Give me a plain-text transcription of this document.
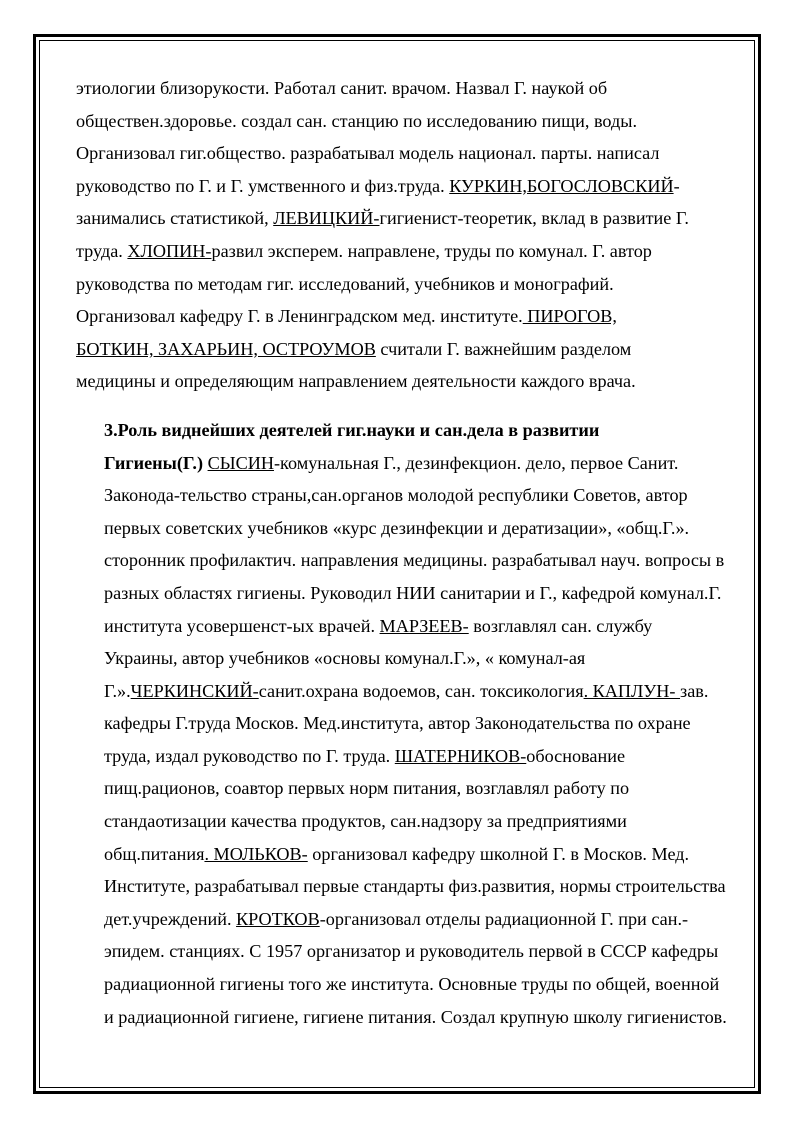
этиологии близорукости. Работал санит. врачом. Назвал Г. наукой об
обществен.здоровье. создал сан. станцию по исследованию пищи, воды.
Организовал гиг.общество. разрабатывал модель национал. парты. написал
руководство по Г. и Г. умственного и физ.труда. КУРКИН,БОГОСЛОВСКИЙ-
занимались статистикой, ЛЕВИЦКИЙ-гигиенист-теоретик, вклад в развитие Г.
труда. ХЛОПИН-развил эксперем. направлене, труды по комунал. Г. автор
руководства по методам гиг. исследований, учебников и монографий.
Организовал кафедру Г. в Ленинградском мед. институте. ПИРОГОВ,
БОТКИН, ЗАХАРЬИН, ОСТРОУМОВ считали Г. важнейшим разделом
медицины и определяющим направлением деятельности каждого врача.
3.Роль виднейших деятелей гиг.науки и сан.дела в развитии
Гигиены(Г.) СЫСИН-комунальная Г., дезинфекцион. дело, первое Санит.
Законода-тельство страны,сан.органов молодой республики Советов, автор
первых советских учебников «курс дезинфекции и дератизации», «общ.Г.».
сторонник профилактич. направления медицины. разрабатывал науч. вопросы в
разных областях гигиены. Руководил НИИ санитарии и Г., кафедрой комунал.Г.
института усовершенст-ых врачей. МАРЗЕЕВ- возглавлял сан. службу
Украины, автор учебников «основы комунал.Г.», « комунал-ая
Г.».ЧЕРКИНСКИЙ-санит.охрана водоемов, сан. токсикология. КАПЛУН- зав.
кафедры Г.труда Москов. Мед.института, автор Законодательства по охране
труда, издал руководство по Г. труда. ШАТЕРНИКОВ-обоснование
пищ.рационов, соавтор первых норм питания, возглавлял работу по
стандаотизации качества продуктов, сан.надзору за предприятиями
общ.питания. МОЛЬКОВ- организовал кафедру школной Г. в Москов. Мед.
Институте, разрабатывал первые стандарты физ.развития, нормы строительства
дет.учреждений. КРОТКОВ-организовал отделы радиационной Г. при сан.-
эпидем. станциях. С 1957 организатор и руководитель первой в СССР кафедры
радиационной гигиены того же института. Основные труды по общей, военной
и радиационной гигиене, гигиене питания. Создал крупную школу гигиенистов.
